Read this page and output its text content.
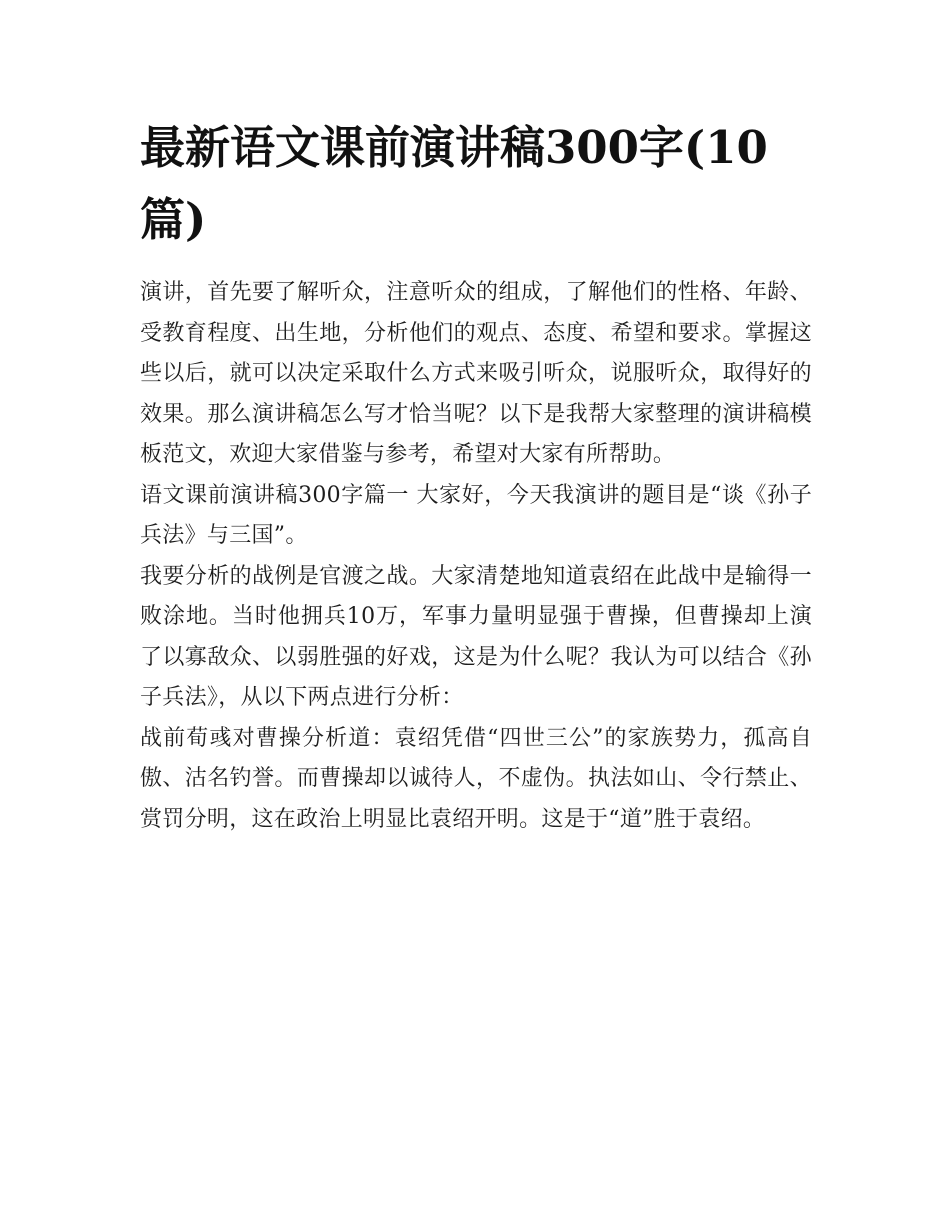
最新语文课前演讲稿300字(10篇)

演讲，首先要了解听众，注意听众的组成，了解他们的性格、年龄、受教育程度、出生地，分析他们的观点、态度、希望和要求。掌握这些以后，就可以决定采取什么方式来吸引听众，说服听众，取得好的效果。那么演讲稿怎么写才恰当呢？以下是我帮大家整理的演讲稿模板范文，欢迎大家借鉴与参考，希望对大家有所帮助。

语文课前演讲稿300字篇一 大家好，今天我演讲的题目是“谈《孙子兵法》与三国”。

我要分析的战例是官渡之战。大家清楚地知道袁绍在此战中是输得一败涂地。当时他拥兵10万，军事力量明显强于曹操，但曹操却上演了以寡敌众、以弱胜强的好戏，这是为什么呢？我认为可以结合《孙子兵法》，从以下两点进行分析：

战前荀彧对曹操分析道：袁绍凭借“四世三公”的家族势力，孤高自傲、沽名钓誉。而曹操却以诚待人，不虚伪。执法如山、令行禁止、赏罚分明，这在政治上明显比袁绍开明。这是于“道”胜于袁绍。
